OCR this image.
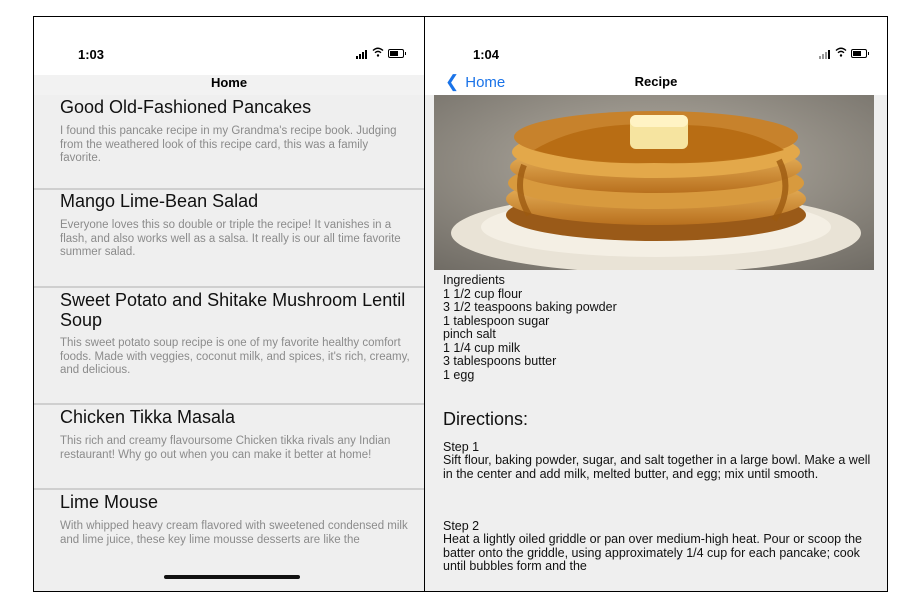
1:03
Home
Good Old-Fashioned Pancakes
I found this pancake recipe in my Grandma's recipe book. Judging from the weathered look of this recipe card, this was a family favorite.
Mango Lime-Bean Salad
Everyone loves this so double or triple the recipe! It vanishes in a flash, and also works well as a salsa. It really is our all time favorite summer salad.
Sweet Potato and Shitake Mushroom Lentil Soup
This sweet potato soup recipe is one of my favorite healthy comfort foods. Made with veggies, coconut milk, and spices, it's rich, creamy, and delicious.
Chicken Tikka Masala
This rich and creamy flavoursome Chicken tikka rivals any Indian restaurant! Why go out when you can make it better at home!
Lime Mouse
With whipped heavy cream flavored with sweetened condensed milk and lime juice, these key lime mousse desserts are like the
1:04
❮ Home	Recipe
Ingredients
1 1/2 cup flour
3 1/2 teaspoons baking powder
1 tablespoon sugar
pinch salt
1 1/4 cup milk
3 tablespoons butter
1 egg
Directions:
Step 1
Sift flour, baking powder, sugar, and salt together in a large bowl. Make a well in the center and add milk, melted butter, and egg; mix until smooth.
Step 2
Heat a lightly oiled griddle or pan over medium-high heat. Pour or scoop the batter onto the griddle, using approximately 1/4 cup for each pancake; cook until bubbles form and the
